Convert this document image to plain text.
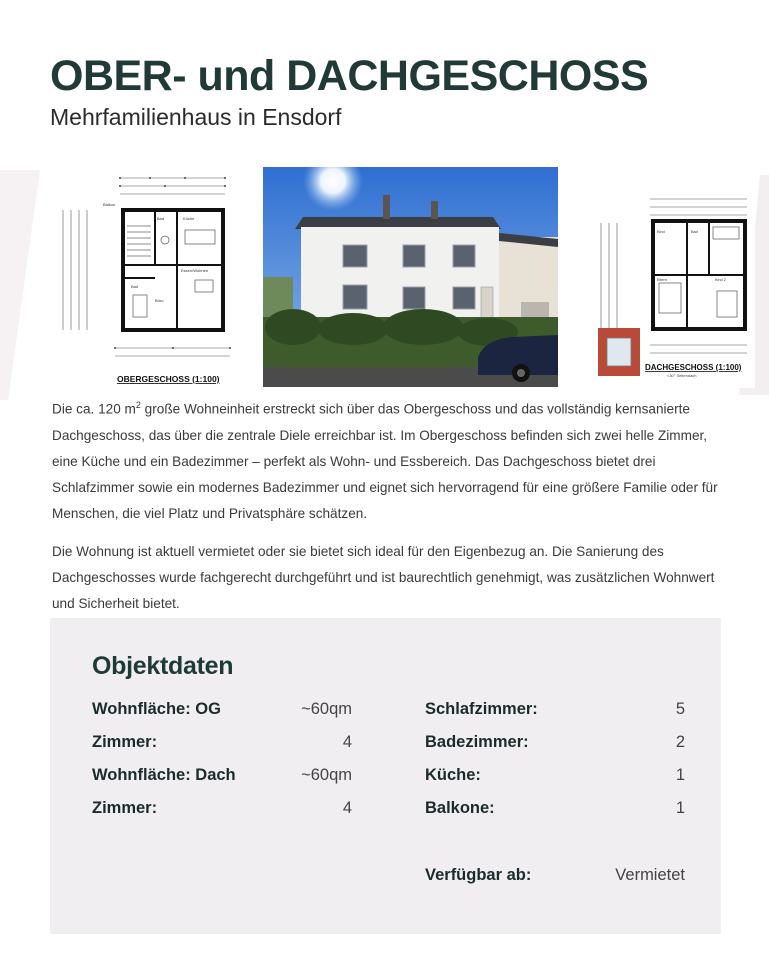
OBER- und DACHGESCHOSS
Mehrfamilienhaus in Ensdorf
Küche
Bad
Bad
Essen/Wohnen
Büro
Balkon
OBERGESCHOSS (1:100)
Kind	Bad
Eltern	Kind 2
DACHGESCHOSS (1:100)
<30° Seitendach

Die ca. 120 $m^2$ große Wohneinheit erstreckt sich über das Obergeschoss und das vollständig kernsanierte Dachgeschoss, das über die zentrale Diele erreichbar ist. Im Obergeschoss befinden sich zwei helle Zimmer, eine Küche und ein Badezimmer – perfekt als Wohn- und Essbereich. Das Dachgeschoss bietet drei Schlafzimmer sowie ein modernes Badezimmer und eignet sich hervorragend für eine größere Familie oder für Menschen, die viel Platz und Privatsphäre schätzen.

Die Wohnung ist aktuell vermietet oder sie bietet sich ideal für den Eigenbezug an. Die Sanierung des Dachgeschosses wurde fachgerecht durchgeführt und ist baurechtlich genehmigt, was zusätzlichen Wohnwert und Sicherheit bietet.

Objektdaten
Wohnfläche: OG	~60qm
Zimmer:	4
Wohnfläche: Dach	~60qm
Zimmer:	4
Schlafzimmer:	5
Badezimmer:	2
Küche:	1
Balkone:	1
Verfügbar ab:	Vermietet
